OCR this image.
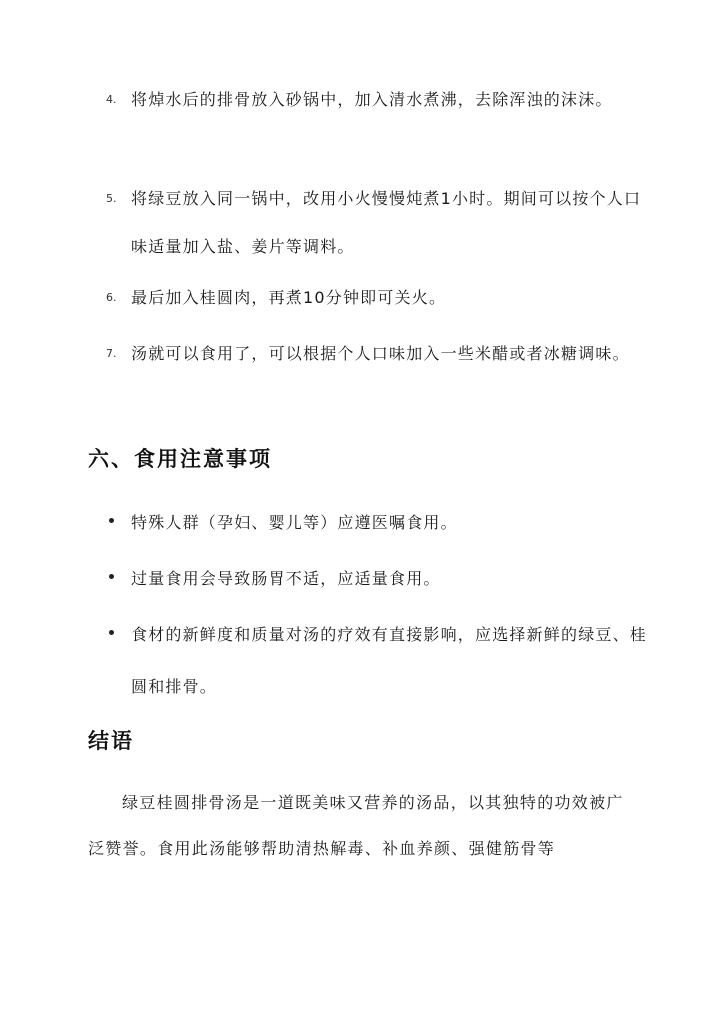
4. 将焯水后的排骨放入砂锅中，加入清水煮沸，去除浑浊的沫沫。
5. 将绿豆放入同一锅中，改用小火慢慢炖煮1小时。期间可以按个人口味适量加入盐、姜片等调料。
6. 最后加入桂圆肉，再煮10分钟即可关火。
7. 汤就可以食用了，可以根据个人口味加入一些米醋或者冰糖调味。
六、食用注意事项
特殊人群（孕妇、婴儿等）应遵医嘱食用。
过量食用会导致肠胃不适，应适量食用。
食材的新鲜度和质量对汤的疗效有直接影响，应选择新鲜的绿豆、桂圆和排骨。
结语
绿豆桂圆排骨汤是一道既美味又营养的汤品，以其独特的功效被广泛赞誉。食用此汤能够帮助清热解毒、补血养颜、强健筋骨等
